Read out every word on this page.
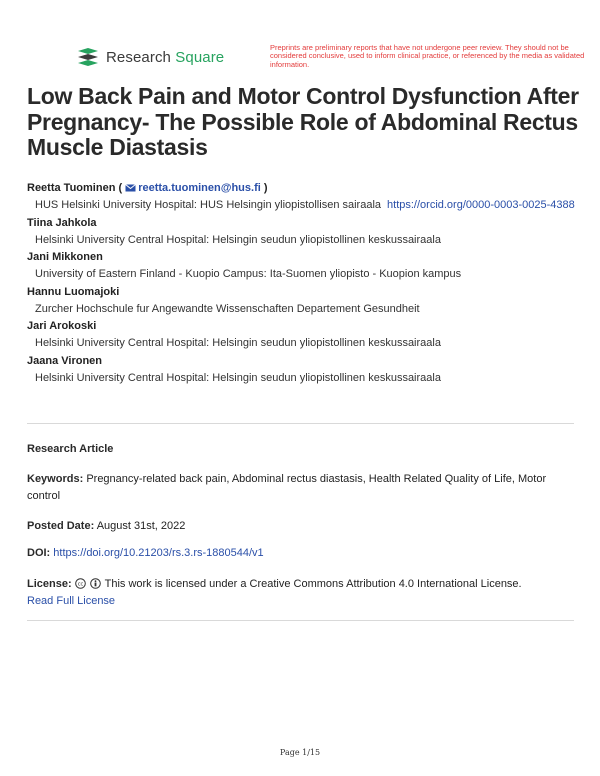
Research Square
Preprints are preliminary reports that have not undergone peer review. They should not be considered conclusive, used to inform clinical practice, or referenced by the media as validated information.
Low Back Pain and Motor Control Dysfunction After Pregnancy- The Possible Role of Abdominal Rectus Muscle Diastasis
Reetta Tuominen ( reetta.tuominen@hus.fi )
HUS Helsinki University Hospital: HUS Helsingin yliopistollisen sairaala https://orcid.org/0000-0003-0025-4388
Tiina Jahkola
Helsinki University Central Hospital: Helsingin seudun yliopistollinen keskussairaala
Jani Mikkonen
University of Eastern Finland - Kuopio Campus: Ita-Suomen yliopisto - Kuopion kampus
Hannu Luomajoki
Zurcher Hochschule fur Angewandte Wissenschaften Departement Gesundheit
Jari Arokoski
Helsinki University Central Hospital: Helsingin seudun yliopistollinen keskussairaala
Jaana Vironen
Helsinki University Central Hospital: Helsingin seudun yliopistollinen keskussairaala
Research Article
Keywords: Pregnancy-related back pain, Abdominal rectus diastasis, Health Related Quality of Life, Motor control
Posted Date: August 31st, 2022
DOI: https://doi.org/10.21203/rs.3.rs-1880544/v1
License: cc This work is licensed under a Creative Commons Attribution 4.0 International License.
Read Full License
Page 1/15
